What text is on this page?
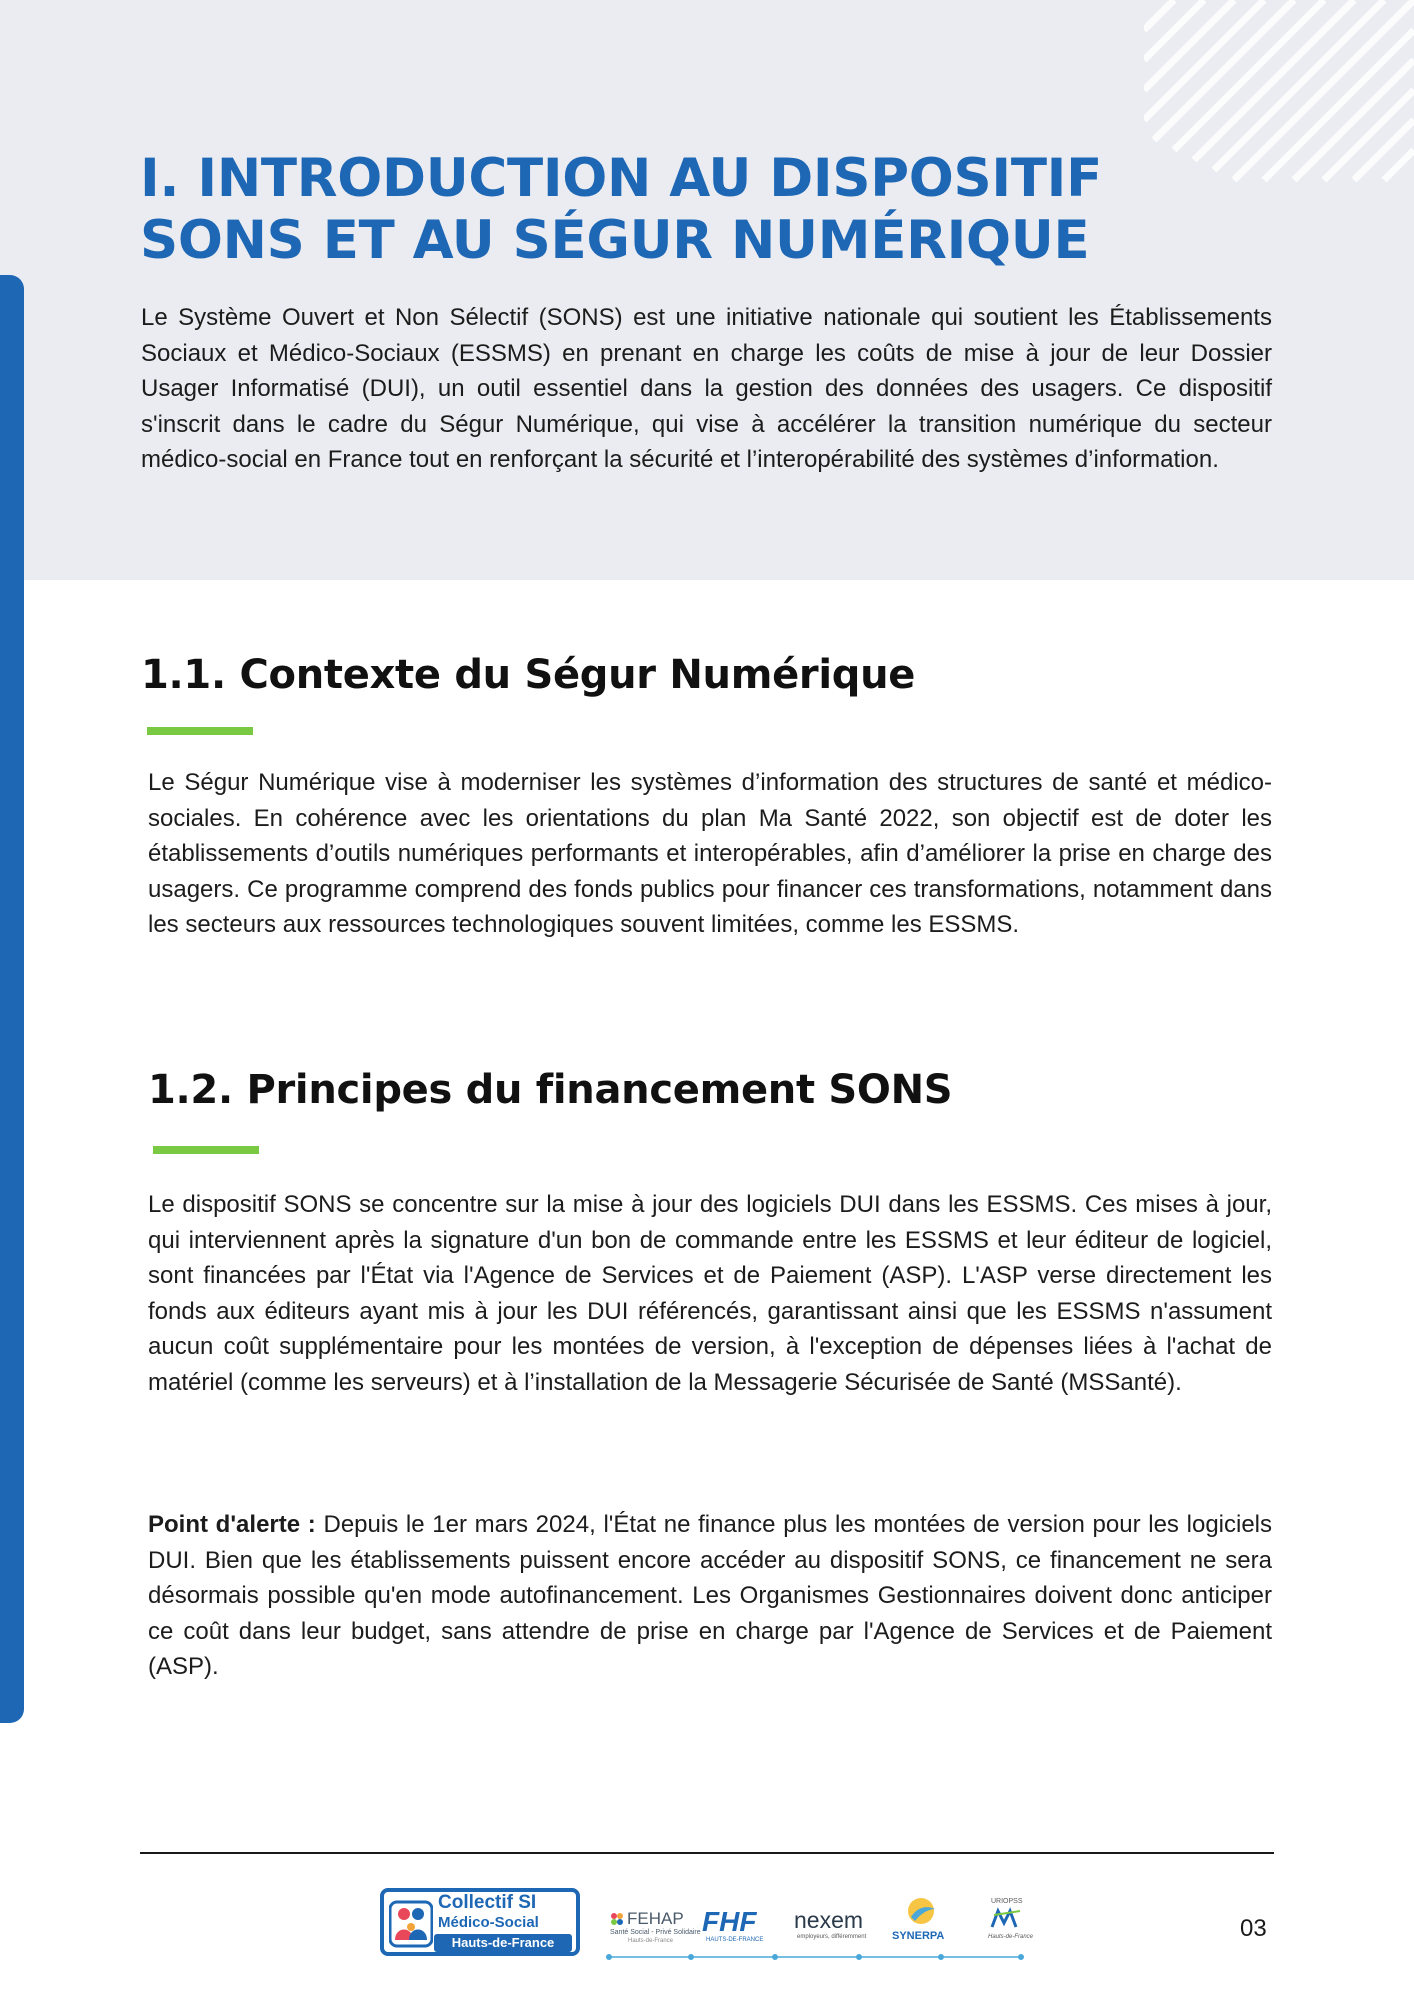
I. INTRODUCTION AU DISPOSITIF
SONS ET AU SÉGUR NUMÉRIQUE

Le Système Ouvert et Non Sélectif (SONS) est une initiative nationale qui soutient les Établissements Sociaux et Médico-Sociaux (ESSMS) en prenant en charge les coûts de mise à jour de leur Dossier Usager Informatisé (DUI), un outil essentiel dans la gestion des données des usagers. Ce dispositif s'inscrit dans le cadre du Ségur Numérique, qui vise à accélérer la transition numérique du secteur médico-social en France tout en renforçant la sécurité et l’interopérabilité des systèmes d’information.

1.1. Contexte du Ségur Numérique

Le Ségur Numérique vise à moderniser les systèmes d’information des structures de santé et médico-sociales. En cohérence avec les orientations du plan Ma Santé 2022, son objectif est de doter les établissements d’outils numériques performants et interopérables, afin d’améliorer la prise en charge des usagers. Ce programme comprend des fonds publics pour financer ces transformations, notamment dans les secteurs aux ressources technologiques souvent limitées, comme les ESSMS.

1.2. Principes du financement SONS

Le dispositif SONS se concentre sur la mise à jour des logiciels DUI dans les ESSMS. Ces mises à jour, qui interviennent après la signature d'un bon de commande entre les ESSMS et leur éditeur de logiciel, sont financées par l'État via l'Agence de Services et de Paiement (ASP). L'ASP verse directement les fonds aux éditeurs ayant mis à jour les DUI référencés, garantissant ainsi que les ESSMS n'assument aucun coût supplémentaire pour les montées de version, à l'exception de dépenses liées à l'achat de matériel (comme les serveurs) et à l’installation de la Messagerie Sécurisée de Santé (MSSanté).

Point d'alerte : Depuis le 1er mars 2024, l'État ne finance plus les montées de version pour les logiciels DUI. Bien que les établissements puissent encore accéder au dispositif SONS, ce financement ne sera désormais possible qu'en mode autofinancement. Les Organismes Gestionnaires doivent donc anticiper ce coût dans leur budget, sans attendre de prise en charge par l'Agence de Services et de Paiement (ASP).

Collectif SI
Médico-Social
Hauts-de-France
FEHAP
Santé Social - Privé Solidaire
Hauts-de-France
FHF
HAUTS-DE-FRANCE
nexem
employeurs, différemment SYNERPA
URIOPSS
Hauts-de-France	03
